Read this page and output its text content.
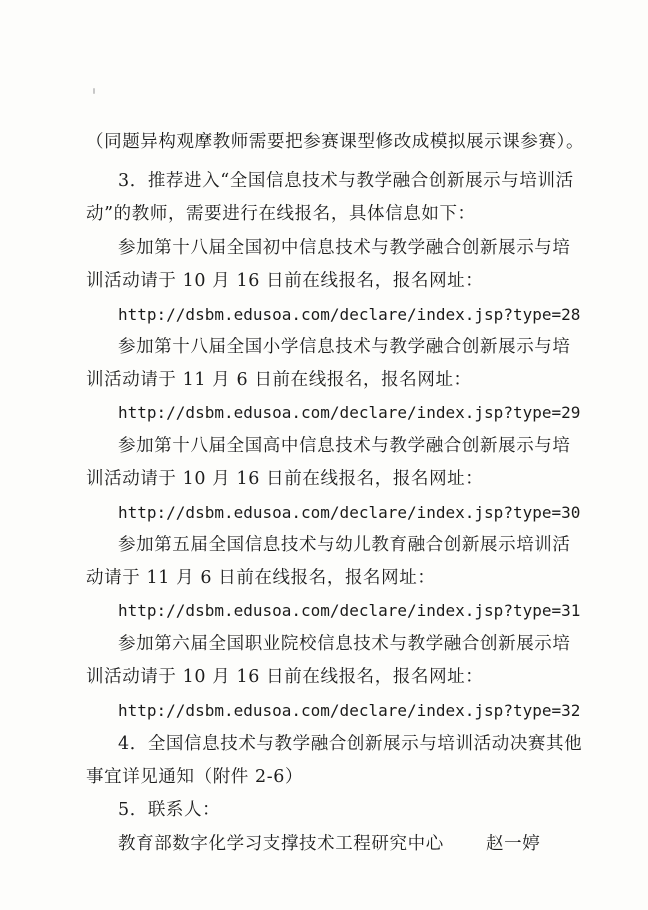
（同题异构观摩教师需要把参赛课型修改成模拟展示课参赛）。
3．推荐进入“全国信息技术与教学融合创新展示与培训活
动”的教师，需要进行在线报名，具体信息如下：
参加第十八届全国初中信息技术与教学融合创新展示与培
训活动请于 10 月 16 日前在线报名，报名网址：
http://dsbm.edusoa.com/declare/index.jsp?type=28
参加第十八届全国小学信息技术与教学融合创新展示与培
训活动请于 11 月 6 日前在线报名，报名网址：
http://dsbm.edusoa.com/declare/index.jsp?type=29
参加第十八届全国高中信息技术与教学融合创新展示与培
训活动请于 10 月 16 日前在线报名，报名网址：
http://dsbm.edusoa.com/declare/index.jsp?type=30
参加第五届全国信息技术与幼儿教育融合创新展示培训活
动请于 11 月 6 日前在线报名，报名网址：
http://dsbm.edusoa.com/declare/index.jsp?type=31
参加第六届全国职业院校信息技术与教学融合创新展示培
训活动请于 10 月 16 日前在线报名，报名网址：
http://dsbm.edusoa.com/declare/index.jsp?type=32
4．全国信息技术与教学融合创新展示与培训活动决赛其他
事宜详见通知（附件 2-6）
5．联系人：
教育部数字化学习支撑技术工程研究中心 赵一婷
